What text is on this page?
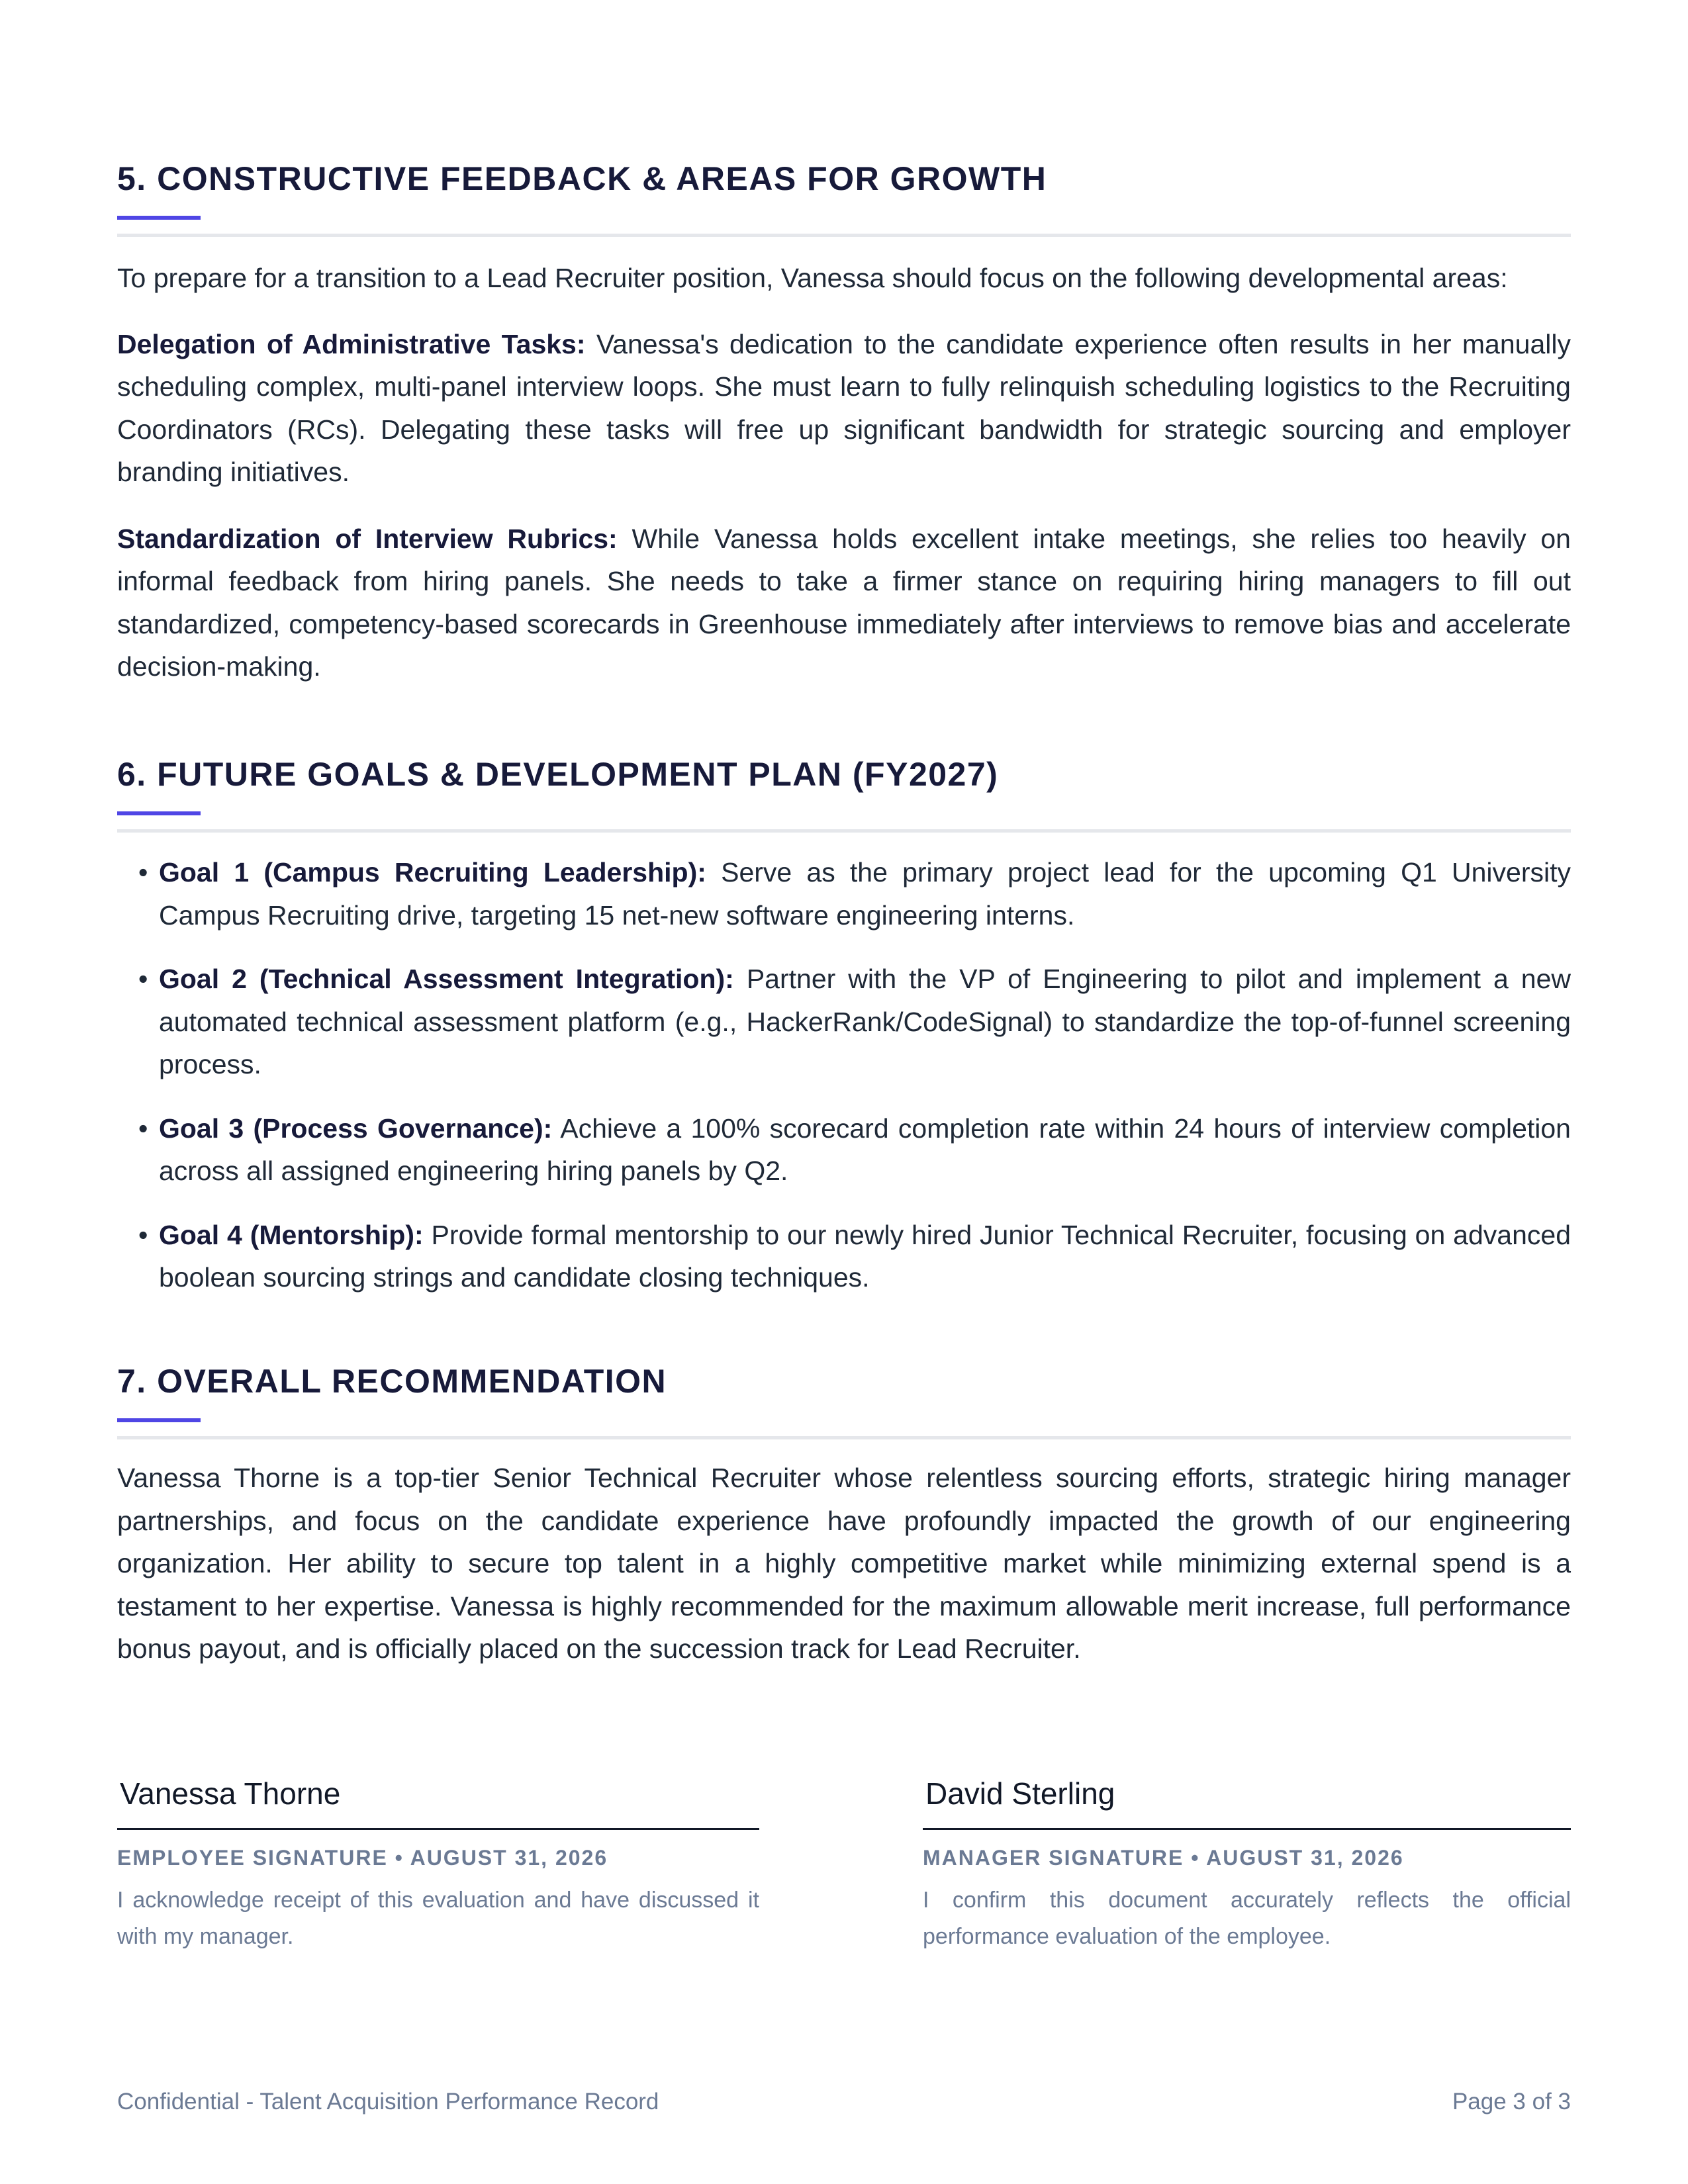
5. CONSTRUCTIVE FEEDBACK & AREAS FOR GROWTH

To prepare for a transition to a Lead Recruiter position, Vanessa should focus on the following developmental areas:

Delegation of Administrative Tasks: Vanessa's dedication to the candidate experience often results in her manually scheduling complex, multi-panel interview loops. She must learn to fully relinquish scheduling logistics to the Recruiting Coordinators (RCs). Delegating these tasks will free up significant bandwidth for strategic sourcing and employer branding initiatives.

Standardization of Interview Rubrics: While Vanessa holds excellent intake meetings, she relies too heavily on informal feedback from hiring panels. She needs to take a firmer stance on requiring hiring managers to fill out standardized, competency-based scorecards in Greenhouse immediately after interviews to remove bias and accelerate decision-making.

6. FUTURE GOALS & DEVELOPMENT PLAN (FY2027)

• Goal 1 (Campus Recruiting Leadership): Serve as the primary project lead for the upcoming Q1 University Campus Recruiting drive, targeting 15 net-new software engineering interns.

• Goal 2 (Technical Assessment Integration): Partner with the VP of Engineering to pilot and implement a new automated technical assessment platform (e.g., HackerRank/CodeSignal) to standardize the top-of-funnel screening process.

• Goal 3 (Process Governance): Achieve a 100% scorecard completion rate within 24 hours of interview completion across all assigned engineering hiring panels by Q2.

• Goal 4 (Mentorship): Provide formal mentorship to our newly hired Junior Technical Recruiter, focusing on advanced boolean sourcing strings and candidate closing techniques.

7. OVERALL RECOMMENDATION

Vanessa Thorne is a top-tier Senior Technical Recruiter whose relentless sourcing efforts, strategic hiring manager partnerships, and focus on the candidate experience have profoundly impacted the growth of our engineering organization. Her ability to secure top talent in a highly competitive market while minimizing external spend is a testament to her expertise. Vanessa is highly recommended for the maximum allowable merit increase, full performance bonus payout, and is officially placed on the succession track for Lead Recruiter.

Vanessa Thorne
EMPLOYEE SIGNATURE • AUGUST 31, 2026
I acknowledge receipt of this evaluation and have discussed it with my manager.
David Sterling
MANAGER SIGNATURE • AUGUST 31, 2026
I confirm this document accurately reflects the official performance evaluation of the employee.
Confidential - Talent Acquisition Performance Record	Page 3 of 3
